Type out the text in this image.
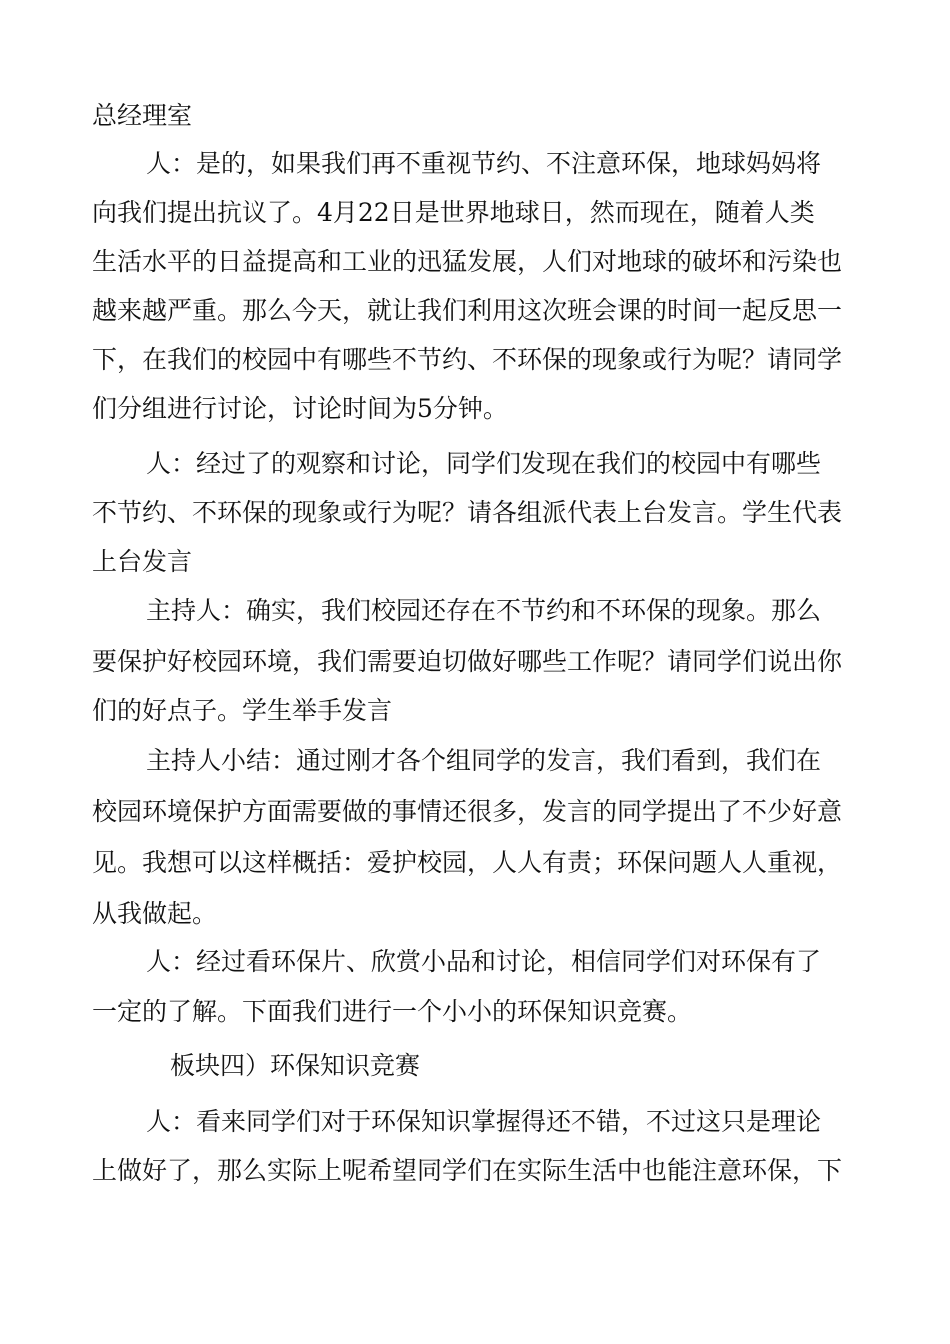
总经理室
人：是的，如果我们再不重视节约、不注意环保，地球妈妈将
向我们提出抗议了。4月22日是世界地球日，然而现在，随着人类
生活水平的日益提高和工业的迅猛发展，人们对地球的破坏和污染也
越来越严重。那么今天，就让我们利用这次班会课的时间一起反思一
下，在我们的校园中有哪些不节约、不环保的现象或行为呢？请同学
们分组进行讨论，讨论时间为5分钟。
人：经过了的观察和讨论，同学们发现在我们的校园中有哪些
不节约、不环保的现象或行为呢？请各组派代表上台发言。学生代表
上台发言
主持人：确实，我们校园还存在不节约和不环保的现象。那么
要保护好校园环境，我们需要迫切做好哪些工作呢？请同学们说出你
们的好点子。学生举手发言
主持人小结：通过刚才各个组同学的发言，我们看到，我们在
校园环境保护方面需要做的事情还很多，发言的同学提出了不少好意
见。我想可以这样概括：爱护校园，人人有责；环保问题人人重视，
从我做起。
人：经过看环保片、欣赏小品和讨论，相信同学们对环保有了
一定的了解。下面我们进行一个小小的环保知识竞赛。
板块四）环保知识竞赛
人：看来同学们对于环保知识掌握得还不错，不过这只是理论
上做好了，那么实际上呢希望同学们在实际生活中也能注意环保，下
